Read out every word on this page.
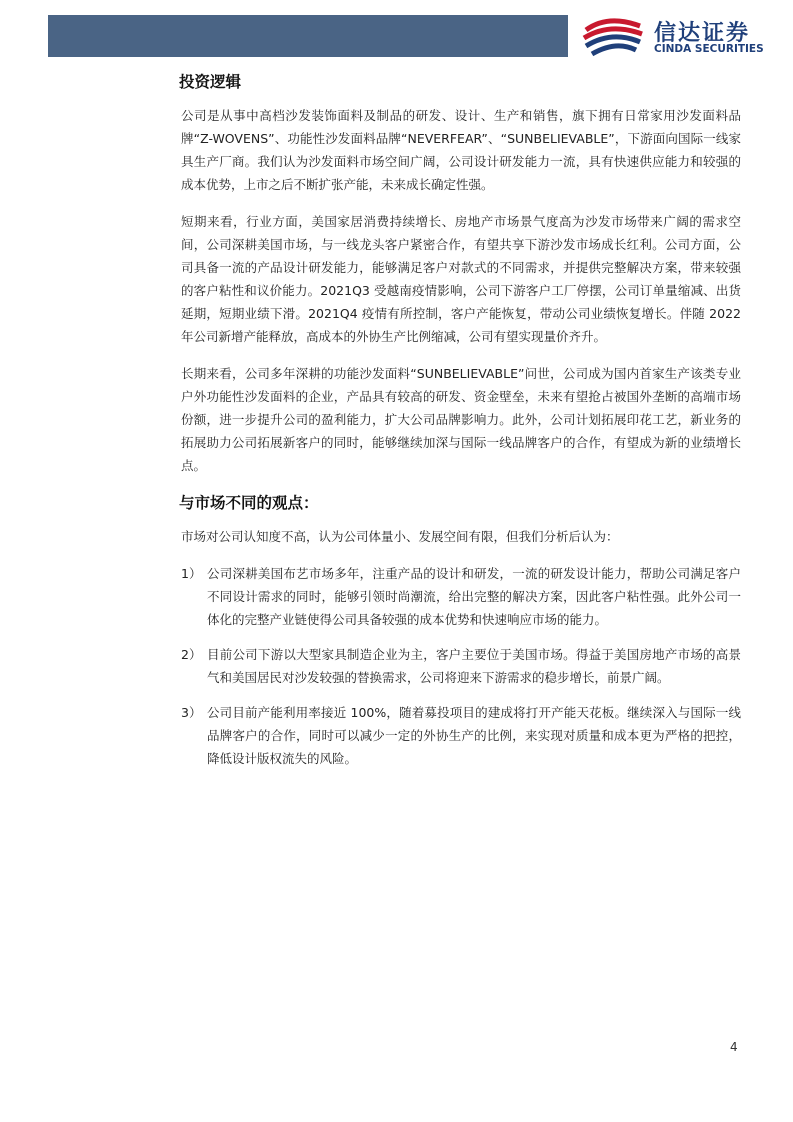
信达证券
CINDA SECURITIES
投资逻辑

公司是从事中高档沙发装饰面料及制品的研发、设计、生产和销售，旗下拥有日常家用沙发面料品牌“Z-WOVENS”、功能性沙发面料品牌“NEVERFEAR”、“SUNBELIEVABLE”，下游面向国际一线家具生产厂商。我们认为沙发面料市场空间广阔，公司设计研发能力一流，具有快速供应能力和较强的成本优势，上市之后不断扩张产能，未来成长确定性强。

短期来看，行业方面，美国家居消费持续增长、房地产市场景气度高为沙发市场带来广阔的需求空间，公司深耕美国市场，与一线龙头客户紧密合作，有望共享下游沙发市场成长红利。公司方面，公司具备一流的产品设计研发能力，能够满足客户对款式的不同需求，并提供完整解决方案，带来较强的客户粘性和议价能力。2021Q3 受越南疫情影响，公司下游客户工厂停摆，公司订单量缩减、出货延期，短期业绩下滑。2021Q4 疫情有所控制，客户产能恢复，带动公司业绩恢复增长。伴随 2022 年公司新增产能释放，高成本的外协生产比例缩减，公司有望实现量价齐升。

长期来看，公司多年深耕的功能沙发面料“SUNBELIEVABLE”问世，公司成为国内首家生产该类专业户外功能性沙发面料的企业，产品具有较高的研发、资金壁垒，未来有望抢占被国外垄断的高端市场份额，进一步提升公司的盈利能力，扩大公司品牌影响力。此外，公司计划拓展印花工艺，新业务的拓展助力公司拓展新客户的同时，能够继续加深与国际一线品牌客户的合作，有望成为新的业绩增长点。

与市场不同的观点：

市场对公司认知度不高，认为公司体量小、发展空间有限，但我们分析后认为：

1） 公司深耕美国布艺市场多年，注重产品的设计和研发，一流的研发设计能力，帮助公司满足客户不同设计需求的同时，能够引领时尚潮流，给出完整的解决方案，因此客户粘性强。此外公司一体化的完整产业链使得公司具备较强的成本优势和快速响应市场的能力。

2） 目前公司下游以大型家具制造企业为主，客户主要位于美国市场。得益于美国房地产市场的高景气和美国居民对沙发较强的替换需求，公司将迎来下游需求的稳步增长，前景广阔。

3） 公司目前产能利用率接近 100%，随着募投项目的建成将打开产能天花板。继续深入与国际一线品牌客户的合作，同时可以减少一定的外协生产的比例，来实现对质量和成本更为严格的把控，降低设计版权流失的风险。

4
